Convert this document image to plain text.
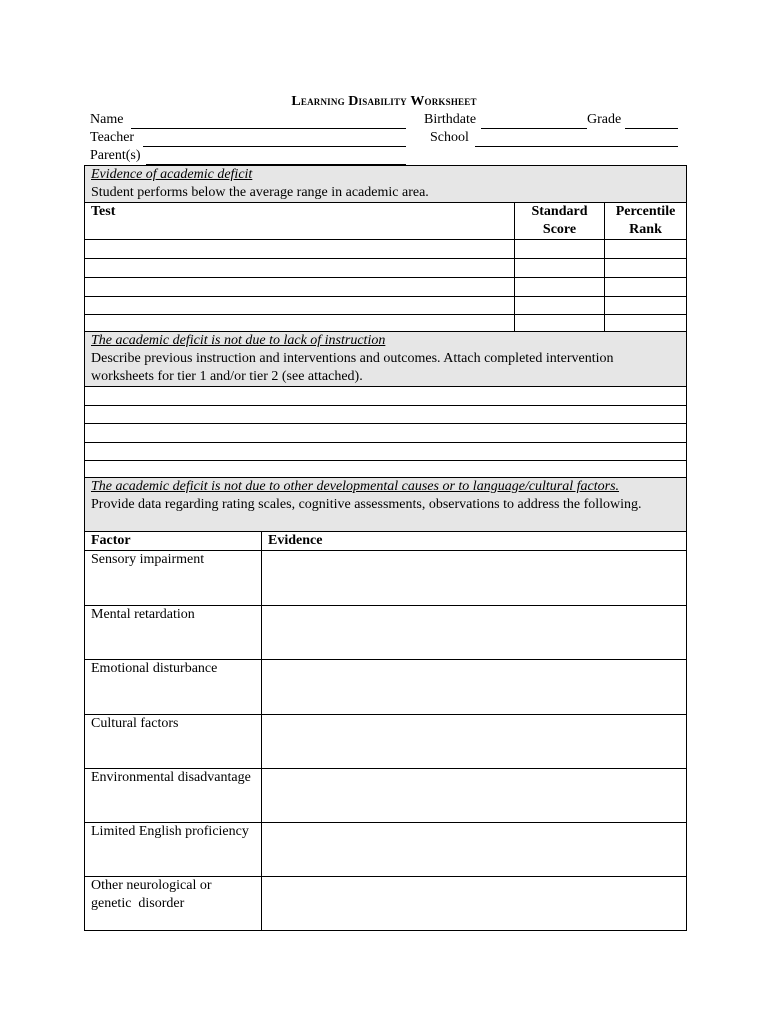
Learning Disability Worksheet
Name	Birthdate	Grade
Teacher	School
Parent(s)
Evidence of academic deficit
Student performs below the average range in academic area.		

Test	Standard Score	Percentile Rank

The academic deficit is not due to lack of instruction
Describe previous instruction and interventions and outcomes. Attach completed intervention worksheets for tier 1 and/or tier 2 (see attached).

The academic deficit is not due to other developmental causes or to language/cultural factors.
Provide data regarding rating scales, cognitive assessments, observations to address the following.	

Factor	Evidence
Sensory impairment	
Mental retardation	
Emotional disturbance	
Cultural factors	
Environmental disadvantage	
Limited English proficiency	
Other neurological or genetic  disorder	
